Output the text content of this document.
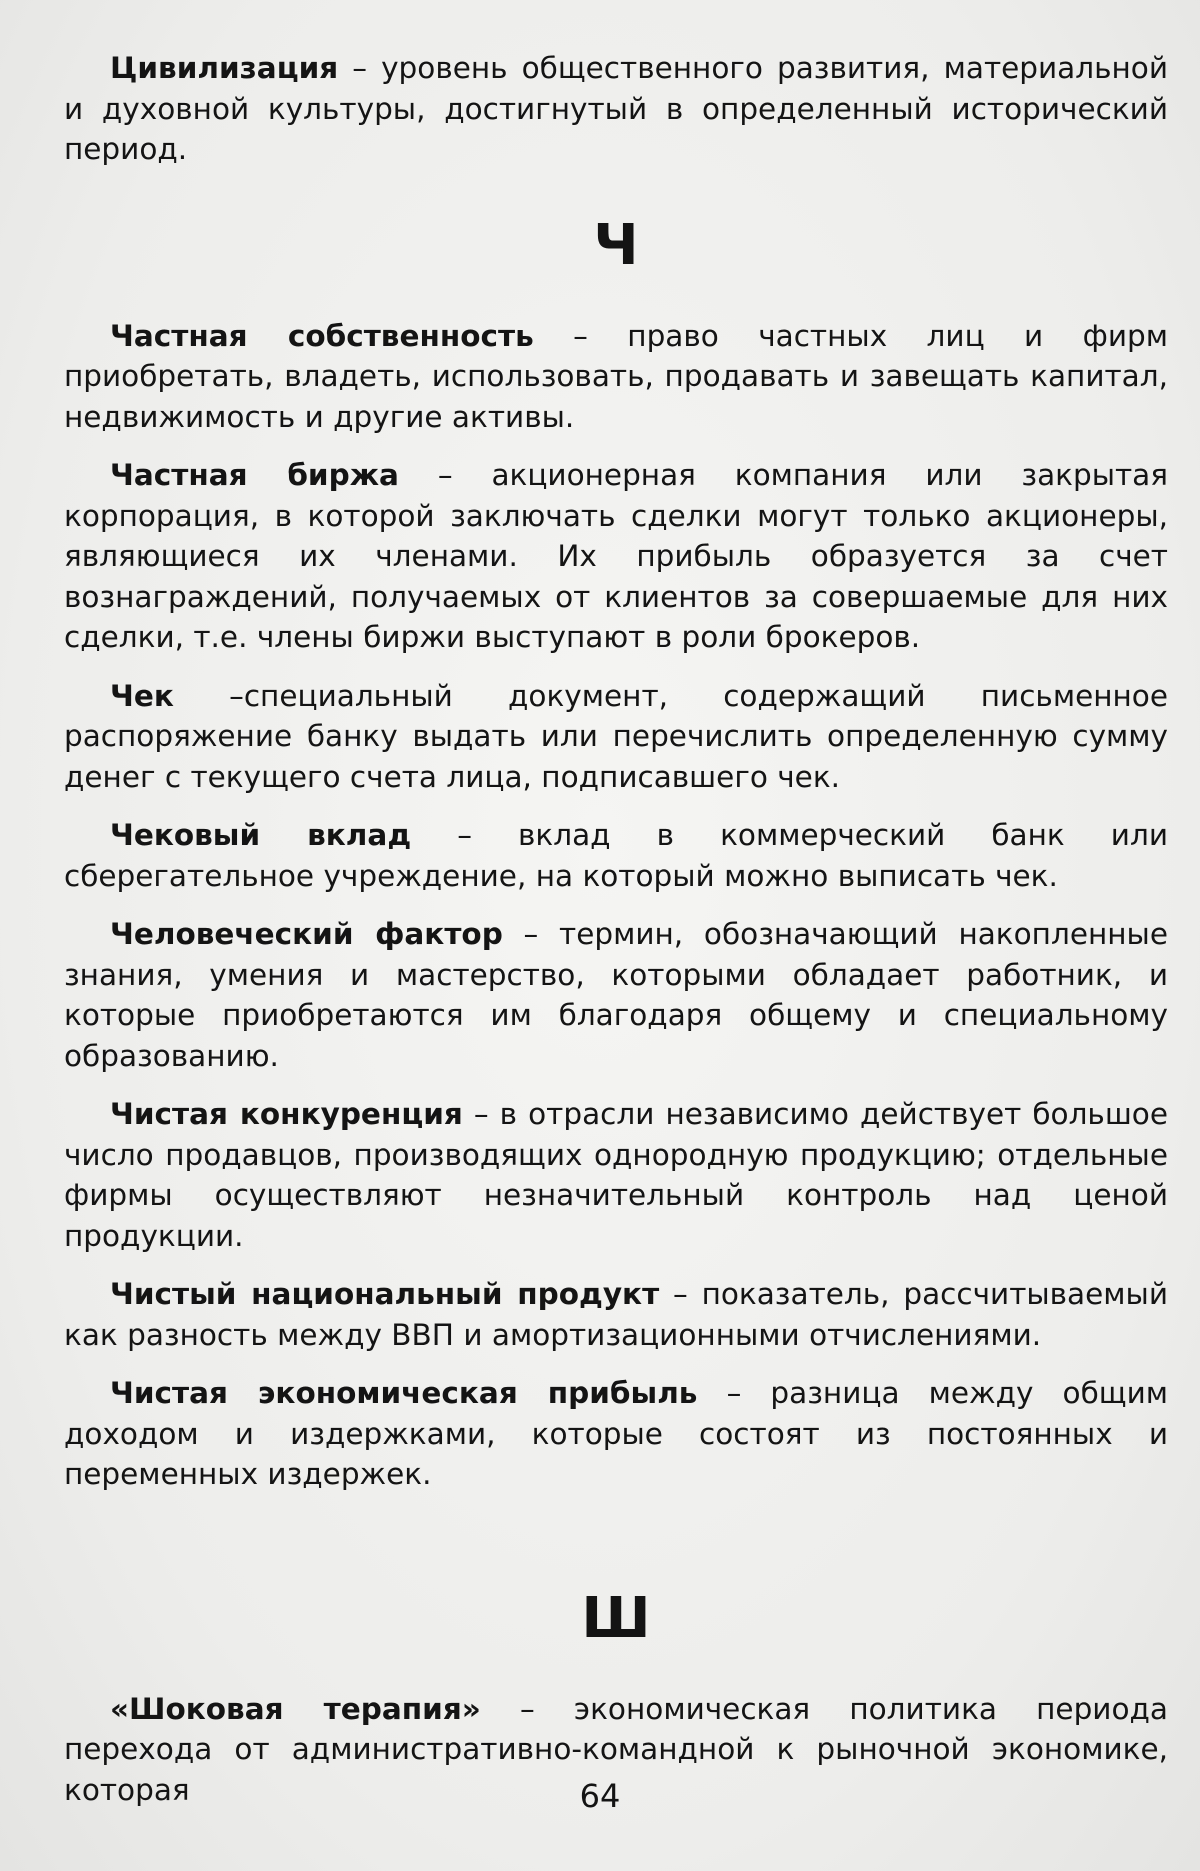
Цивилизация – уровень общественного развития, материальной и духовной культуры, достигнутый в определенный исторический период.

Ч

Частная собственность – право частных лиц и фирм приобретать, владеть, использовать, продавать и завещать капитал, недвижимость и другие активы.

Частная биржа – акционерная компания или закрытая корпорация, в которой заключать сделки могут только акционеры, являющиеся их членами. Их прибыль образуется за счет вознаграждений, получаемых от клиентов за совершаемые для них сделки, т.е. члены биржи выступают в роли брокеров.

Чек –специальный документ, содержащий письменное распоряжение банку выдать или перечислить определенную сумму денег с текущего счета лица, подписавшего чек.

Чековый вклад – вклад в коммерческий банк или сберегательное учреждение, на который можно выписать чек.

Человеческий фактор – термин, обозначающий накопленные знания, умения и мастерство, которыми обладает работник, и которые приобретаются им благодаря общему и специальному образованию.

Чистая конкуренция – в отрасли независимо действует большое число продавцов, производящих однородную продукцию; отдельные фирмы осуществляют незначительный контроль над ценой продукции.

Чистый национальный продукт – показатель, рассчитываемый как разность между ВВП и амортизационными отчислениями.

Чистая экономическая прибыль – разница между общим доходом и издержками, которые состоят из постоянных и переменных издержек.

Ш

«Шоковая терапия» – экономическая политика периода перехода от административно-командной к рыночной экономике, которая	64
